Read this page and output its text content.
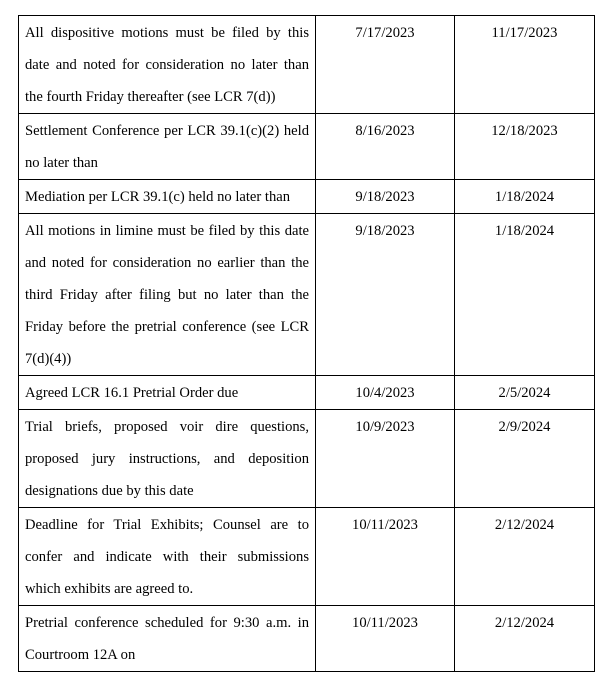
All dispositive motions must be filed by this date and noted for consideration no later than the fourth Friday thereafter (see LCR 7(d))	7/17/2023	11/17/2023
Settlement Conference per LCR 39.1(c)(2) held no later than	8/16/2023	12/18/2023
Mediation per LCR 39.1(c) held no later than	9/18/2023	1/18/2024
All motions in limine must be filed by this date and noted for consideration no earlier than the third Friday after filing but no later than the Friday before the pretrial conference (see LCR 7(d)(4))	9/18/2023	1/18/2024
Agreed LCR 16.1 Pretrial Order due	10/4/2023	2/5/2024
Trial briefs, proposed voir dire questions, proposed jury instructions, and deposition designations due by this date	10/9/2023	2/9/2024
Deadline for Trial Exhibits; Counsel are to confer and indicate with their submissions which exhibits are agreed to.	10/11/2023	2/12/2024
Pretrial conference scheduled for 9:30 a.m. in Courtroom 12A on	10/11/2023	2/12/2024
